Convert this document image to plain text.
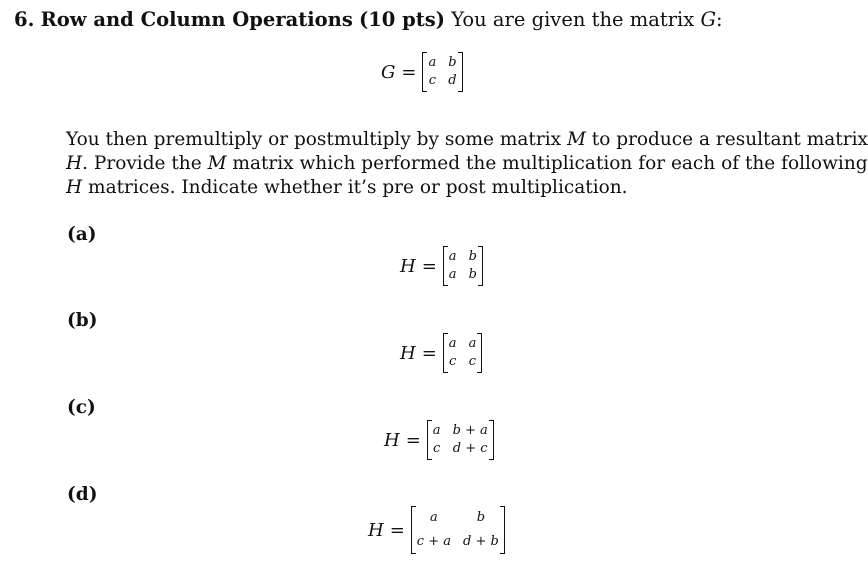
6. Row and Column Operations (10 pts) You are given the matrix G:
G = a b
c d
You then premultiply or postmultiply by some matrix M to produce a resultant matrix
H. Provide the M matrix which performed the multiplication for each of the following
H matrices. Indicate whether it’s pre or post multiplication.
(a)
H = a b
a b
(b)
H = a a
c c
(c)
H = a b + a
c d + c
(d)
H =
a	b
c + a d + b
